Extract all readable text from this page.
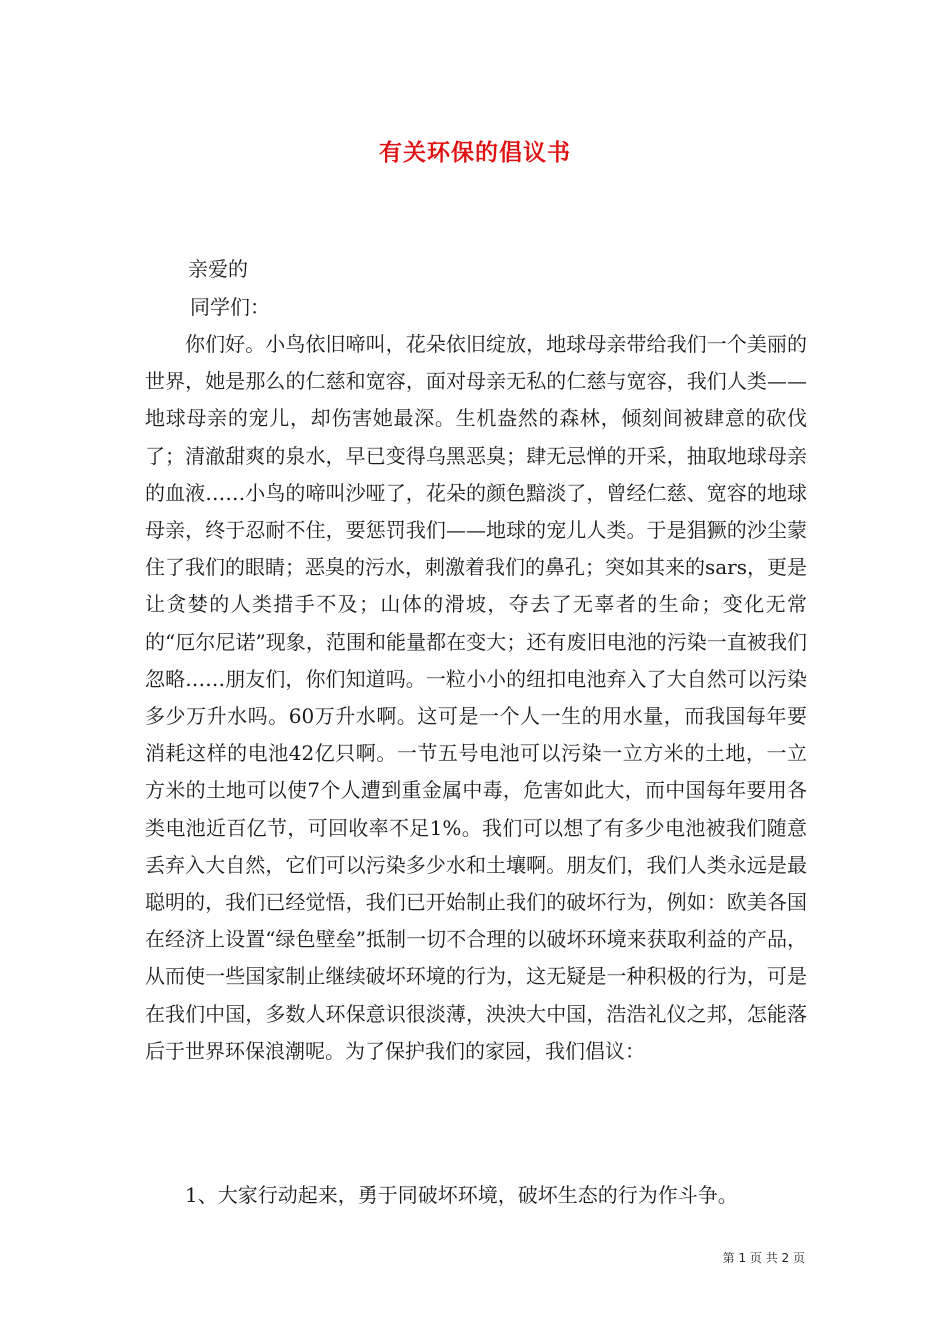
有关环保的倡议书
亲爱的
同学们：
你们好。小鸟依旧啼叫，花朵依旧绽放，地球母亲带给我们一个美丽的世界，她是那么的仁慈和宽容，面对母亲无私的仁慈与宽容，我们人类——地球母亲的宠儿，却伤害她最深。生机盎然的森林，倾刻间被肆意的砍伐了；清澈甜爽的泉水，早已变得乌黑恶臭；肆无忌惮的开采，抽取地球母亲的血液……小鸟的啼叫沙哑了，花朵的颜色黯淡了，曾经仁慈、宽容的地球母亲，终于忍耐不住，要惩罚我们——地球的宠儿人类。于是猖獗的沙尘蒙住了我们的眼睛；恶臭的污水，刺激着我们的鼻孔；突如其来的sars，更是让贪婪的人类措手不及；山体的滑坡，夺去了无辜者的生命；变化无常的“厄尔尼诺”现象，范围和能量都在变大；还有废旧电池的污染一直被我们忽略……朋友们，你们知道吗。一粒小小的纽扣电池弃入了大自然可以污染多少万升水吗。60万升水啊。这可是一个人一生的用水量，而我国每年要消耗这样的电池42亿只啊。一节五号电池可以污染一立方米的土地，一立方米的土地可以使7个人遭到重金属中毒，危害如此大，而中国每年要用各类电池近百亿节，可回收率不足1%。我们可以想了有多少电池被我们随意丢弃入大自然，它们可以污染多少水和土壤啊。朋友们，我们人类永远是最聪明的，我们已经觉悟，我们已开始制止我们的破坏行为，例如：欧美各国在经济上设置“绿色壁垒”抵制一切不合理的以破坏环境来获取利益的产品，从而使一些国家制止继续破坏环境的行为，这无疑是一种积极的行为，可是在我们中国，多数人环保意识很淡薄，泱泱大中国，浩浩礼仪之邦，怎能落后于世界环保浪潮呢。为了保护我们的家园，我们倡议：
1、大家行动起来，勇于同破坏环境，破坏生态的行为作斗争。
第 1 页 共 2 页
